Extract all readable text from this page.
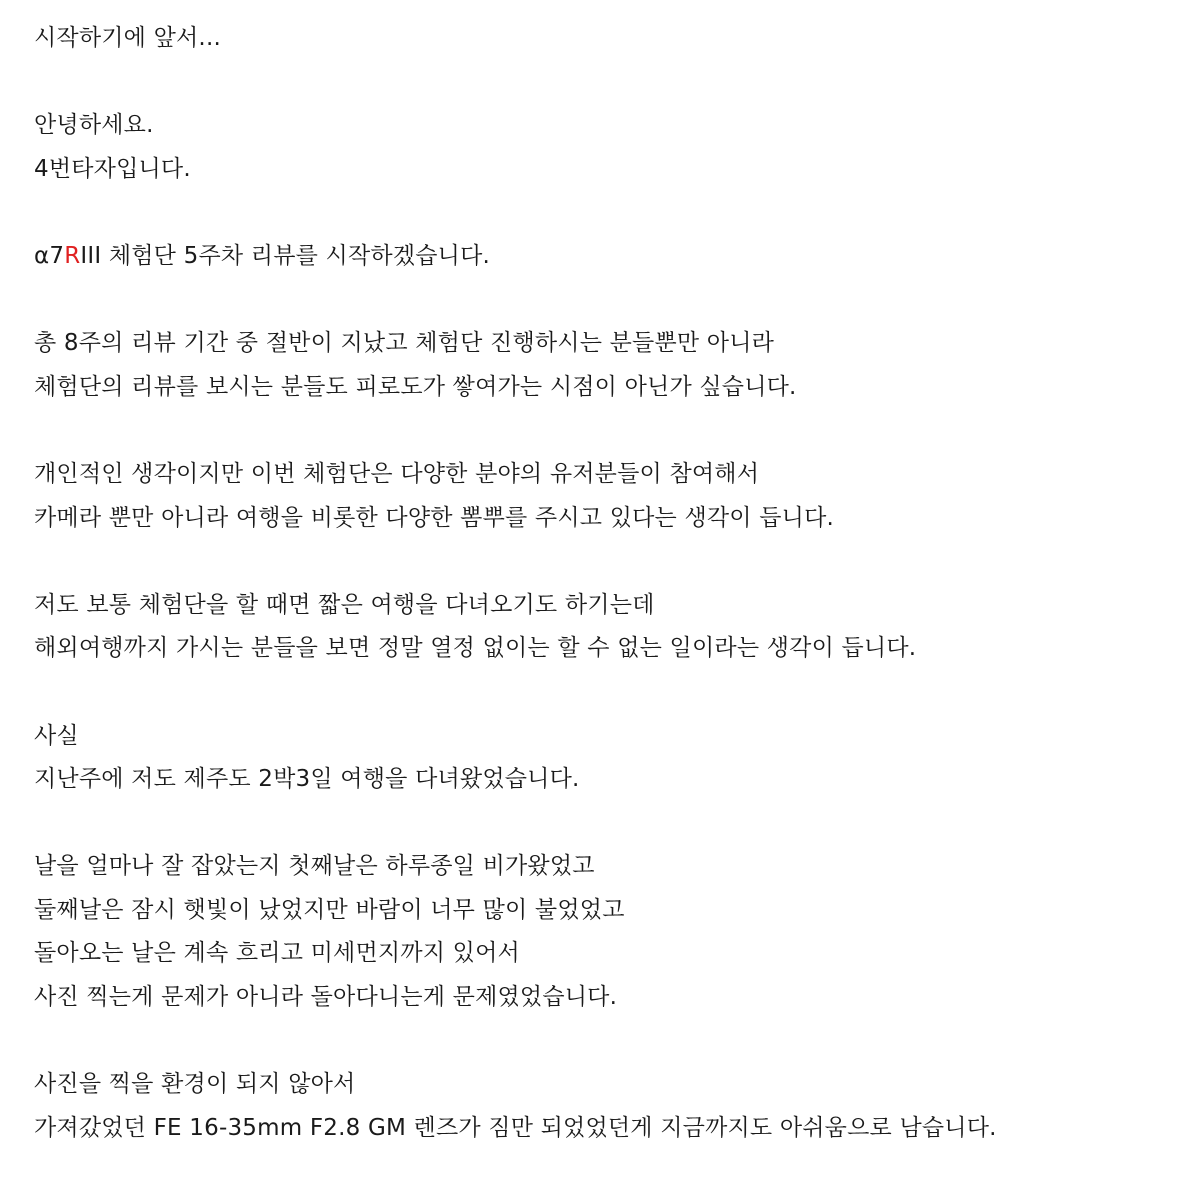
시작하기에 앞서...
안녕하세요.
4번타자입니다.
α7RIII 체험단 5주차 리뷰를 시작하겠습니다.
총 8주의 리뷰 기간 중 절반이 지났고 체험단 진행하시는 분들뿐만 아니라
체험단의 리뷰를 보시는 분들도 피로도가 쌓여가는 시점이 아닌가 싶습니다.
개인적인 생각이지만 이번 체험단은 다양한 분야의 유저분들이 참여해서
카메라 뿐만 아니라 여행을 비롯한 다양한 뽐뿌를 주시고 있다는 생각이 듭니다.
저도 보통 체험단을 할 때면 짧은 여행을 다녀오기도 하기는데
해외여행까지 가시는 분들을 보면 정말 열정 없이는 할 수 없는 일이라는 생각이 듭니다.
사실
지난주에 저도 제주도 2박3일 여행을 다녀왔었습니다.
날을 얼마나 잘 잡았는지 첫째날은 하루종일 비가왔었고
둘째날은 잠시 햇빛이 났었지만 바람이 너무 많이 불었었고
돌아오는 날은 계속 흐리고 미세먼지까지 있어서
사진 찍는게 문제가 아니라 돌아다니는게 문제였었습니다.
사진을 찍을 환경이 되지 않아서
가져갔었던 FE 16-35mm F2.8 GM 렌즈가 짐만 되었었던게 지금까지도 아쉬움으로 남습니다.
